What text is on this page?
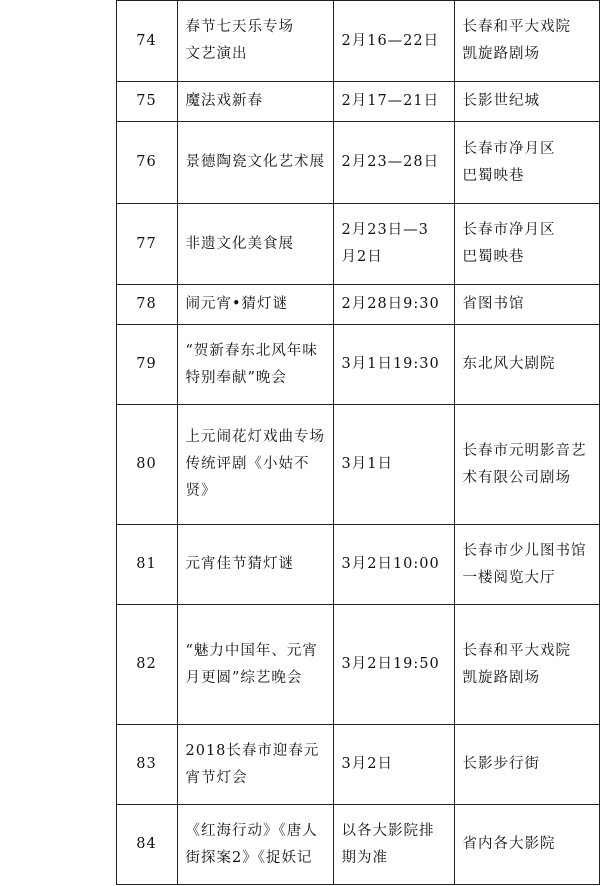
	74	春节七天乐专场文艺演出	2月16—22日	长春和平大戏院凯旋路剧场

	75	魔法戏新春	2月17—21日	长影世纪城

	76	景德陶瓷文化艺术展	2月23—28日	长春市净月区巴蜀映巷

	77	非遗文化美食展	2月23日—3月2日	长春市净月区巴蜀映巷

	78	闹元宵•猜灯谜	2月28日9:30	省图书馆

	79	“贺新春东北风年味特别奉献”晚会	3月1日19:30	东北风大剧院

	80	上元闹花灯戏曲专场传统评剧《小姑不贤》	3月1日	长春市元明影音艺术有限公司剧场

	81	元宵佳节猜灯谜	3月2日10:00	长春市少儿图书馆一楼阅览大厅

	82	“魅力中国年、元宵月更圆”综艺晚会	3月2日19:50	长春和平大戏院凯旋路剧场

	83	2018长春市迎春元宵节灯会	3月2日	长影步行街

	84	《红海行动》《唐人街探案2》《捉妖记	以各大影院排期为准	省内各大影院
